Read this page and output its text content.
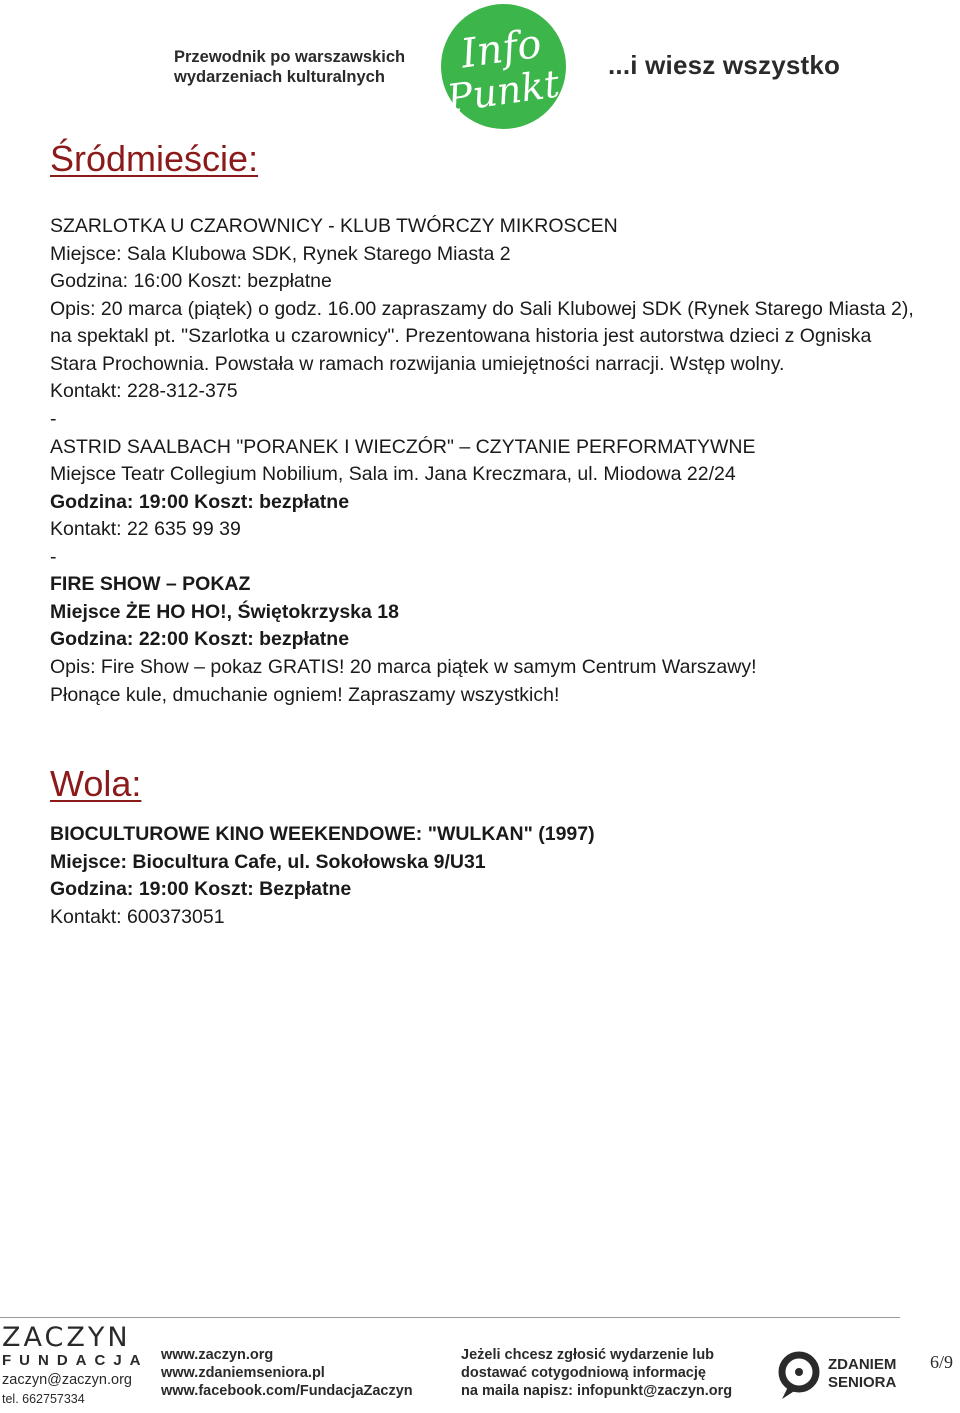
Przewodnik po warszawskich
wydarzeniach kulturalnych	Info
Punkt ...i wiesz wszystko
Śródmieście:
SZARLOTKA U CZAROWNICY - KLUB TWÓRCZY MIKROSCEN
Miejsce: Sala Klubowa SDK, Rynek Starego Miasta 2
Godzina: 16:00 Koszt: bezpłatne
Opis: 20 marca (piątek) o godz. 16.00 zapraszamy do Sali Klubowej SDK (Rynek Starego Miasta 2),
na spektakl pt. "Szarlotka u czarownicy". Prezentowana historia jest autorstwa dzieci z Ogniska
Stara Prochownia. Powstała w ramach rozwijania umiejętności narracji. Wstęp wolny.
Kontakt: 228-312-375
-
ASTRID SAALBACH "PORANEK I WIECZÓR" – CZYTANIE PERFORMATYWNE
Miejsce Teatr Collegium Nobilium, Sala im. Jana Kreczmara, ul. Miodowa 22/24
Godzina: 19:00 Koszt: bezpłatne
Kontakt: 22 635 99 39
-
FIRE SHOW – POKAZ
Miejsce ŻE HO HO!, Świętokrzyska 18
Godzina: 22:00 Koszt: bezpłatne
Opis: Fire Show – pokaz GRATIS! 20 marca piątek w samym Centrum Warszawy!
Płonące kule, dmuchanie ogniem! Zapraszamy wszystkich!
Wola:
BIOCULTUROWE KINO WEEKENDOWE: "WULKAN" (1997)
Miejsce: Biocultura Cafe, ul. Sokołowska 9/U31
Godzina: 19:00 Koszt: Bezpłatne
Kontakt: 600373051
ZACZYN
FUNDACJA
zaczyn@zaczyn.org
tel. 662757334
www.zaczyn.org
www.zdaniemseniora.pl
www.facebook.com/FundacjaZaczyn
Jeżeli chcesz zgłosić wydarzenie lub
dostawać cotygodniową informację
na maila napisz: infopunkt@zaczyn.org
ZDANIEM
SENIORA
6/9
